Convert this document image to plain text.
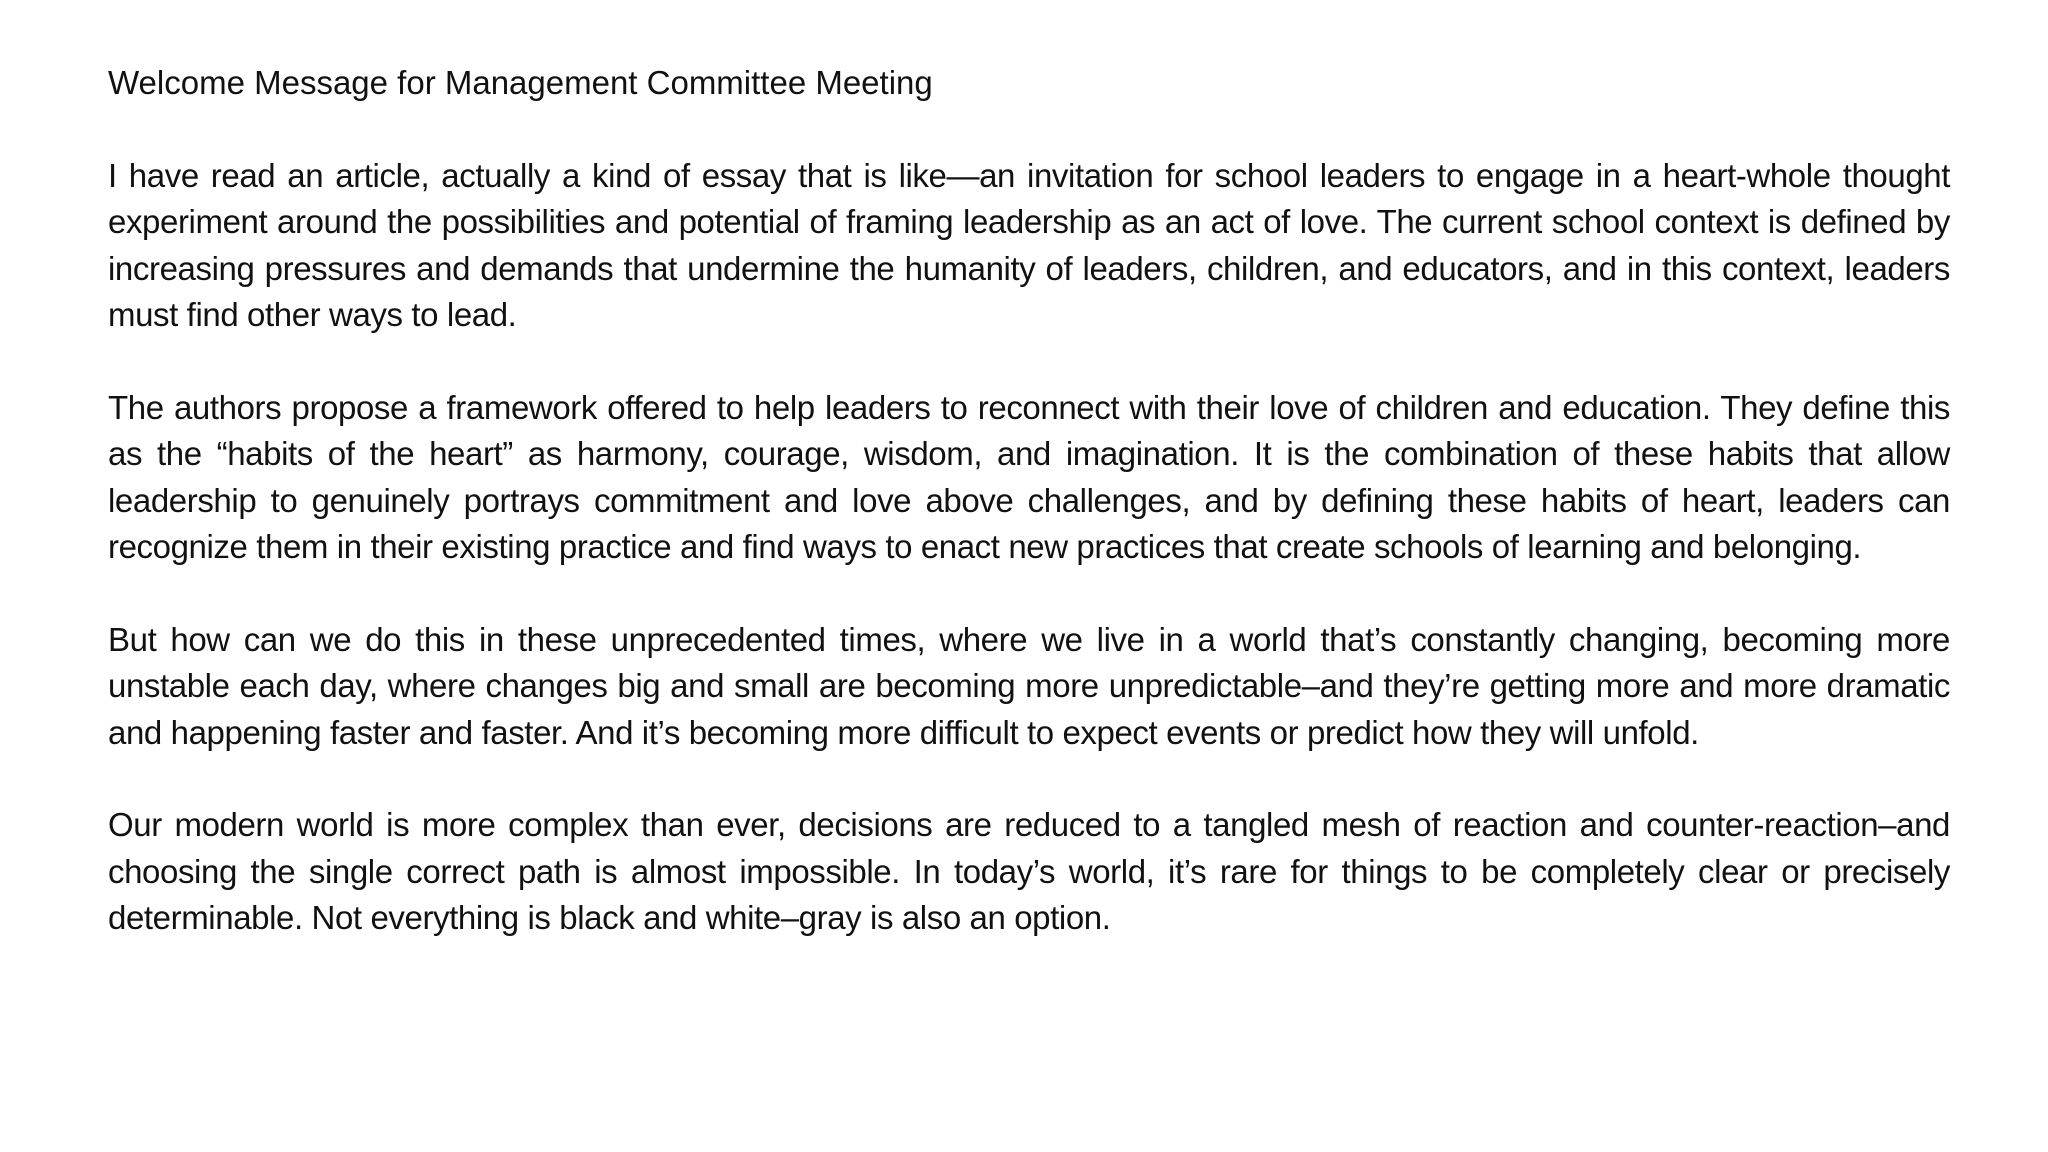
Welcome Message for Management Committee Meeting

I have read an article, actually a kind of essay that is like—an invitation for school leaders to engage in a heart-whole thought experiment around the possibilities and potential of framing leadership as an act of love. The current school context is defined by increasing pressures and demands that undermine the humanity of leaders, children, and educators, and in this context, leaders must find other ways to lead.

The authors propose a framework offered to help leaders to reconnect with their love of children and education. They define this as the “habits of the heart” as harmony, courage, wisdom, and imagination. It is the combination of these habits that allow leadership to genuinely portrays commitment and love above challenges, and by defining these habits of heart, leaders can recognize them in their existing practice and find ways to enact new practices that create schools of learning and belonging.

But how can we do this in these unprecedented times, where we live in a world that’s constantly changing, becoming more unstable each day, where changes big and small are becoming more unpredictable–and they’re getting more and more dramatic and happening faster and faster. And it’s becoming more difficult to expect events or predict how they will unfold.

Our modern world is more complex than ever, decisions are reduced to a tangled mesh of reaction and counter-reaction–and choosing the single correct path is almost impossible. In today’s world, it’s rare for things to be completely clear or precisely determinable. Not everything is black and white–gray is also an option.
